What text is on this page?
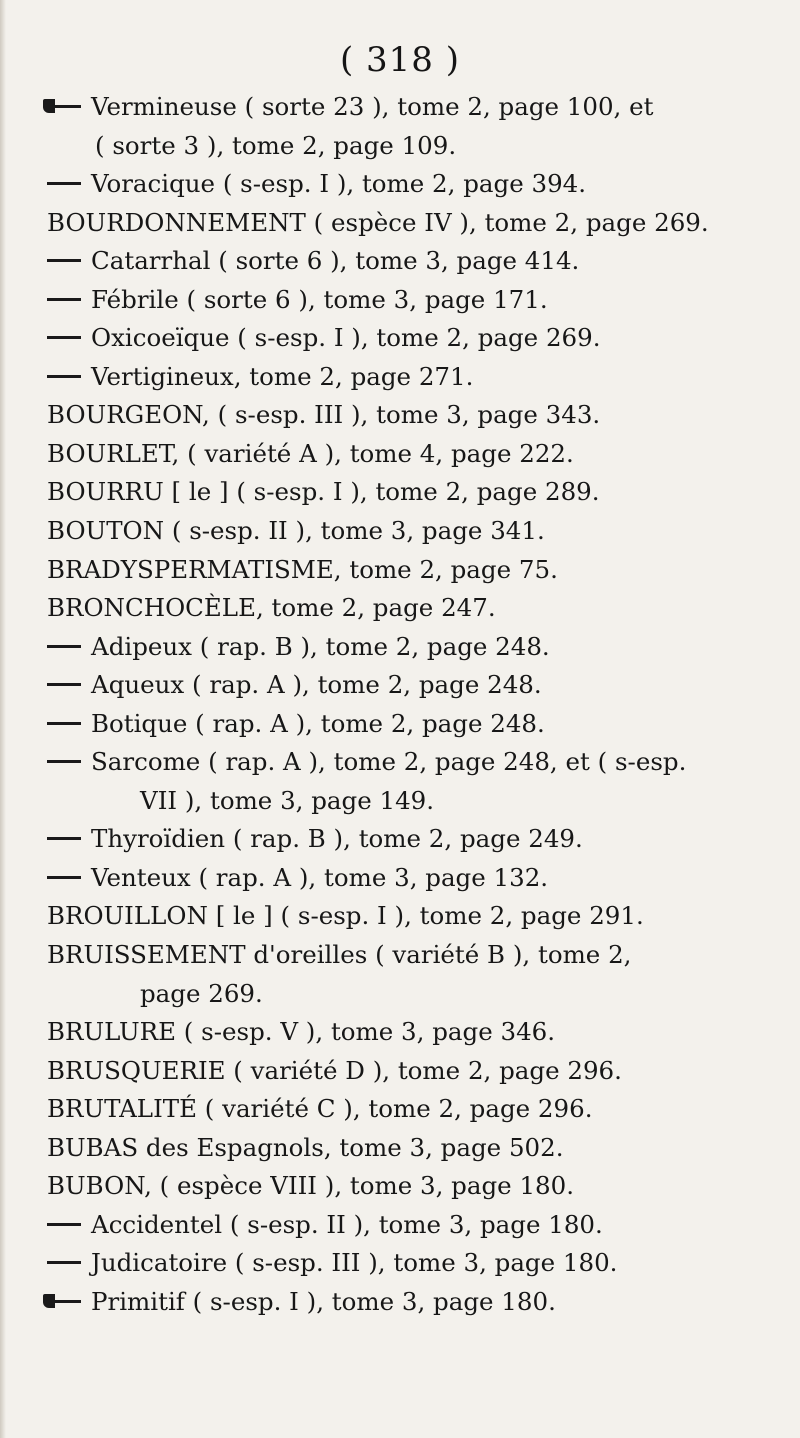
( 318 )
Vermineuse ( sorte 23 ), tome 2, page 100, et
( sorte 3 ), tome 2, page 109.
Voracique ( s-esp. I ), tome 2, page 394.
BOURDONNEMENT ( espèce IV ), tome 2, page 269.
Catarrhal ( sorte 6 ), tome 3, page 414.
Fébrile ( sorte 6 ), tome 3, page 171.
Oxicoeïque ( s-esp. I ), tome 2, page 269.
Vertigineux, tome 2, page 271.
BOURGEON, ( s-esp. III ), tome 3, page 343.
BOURLET, ( variété A ), tome 4, page 222.
BOURRU [ le ] ( s-esp. I ), tome 2, page 289.
BOUTON ( s-esp. II ), tome 3, page 341.
BRADYSPERMATISME, tome 2, page 75.
BRONCHOCÈLE, tome 2, page 247.
Adipeux ( rap. B ), tome 2, page 248.
Aqueux ( rap. A ), tome 2, page 248.
Botique ( rap. A ), tome 2, page 248.
Sarcome ( rap. A ), tome 2, page 248, et ( s-esp.
VII ), tome 3, page 149.
Thyroïdien ( rap. B ), tome 2, page 249.
Venteux ( rap. A ), tome 3, page 132.
BROUILLON [ le ] ( s-esp. I ), tome 2, page 291.
BRUISSEMENT d'oreilles ( variété B ), tome 2,
page 269.
BRULURE ( s-esp. V ), tome 3, page 346.
BRUSQUERIE ( variété D ), tome 2, page 296.
BRUTALITÉ ( variété C ), tome 2, page 296.
BUBAS des Espagnols, tome 3, page 502.
BUBON, ( espèce VIII ), tome 3, page 180.
Accidentel ( s-esp. II ), tome 3, page 180.
Judicatoire ( s-esp. III ), tome 3, page 180.
Primitif ( s-esp. I ), tome 3, page 180.
